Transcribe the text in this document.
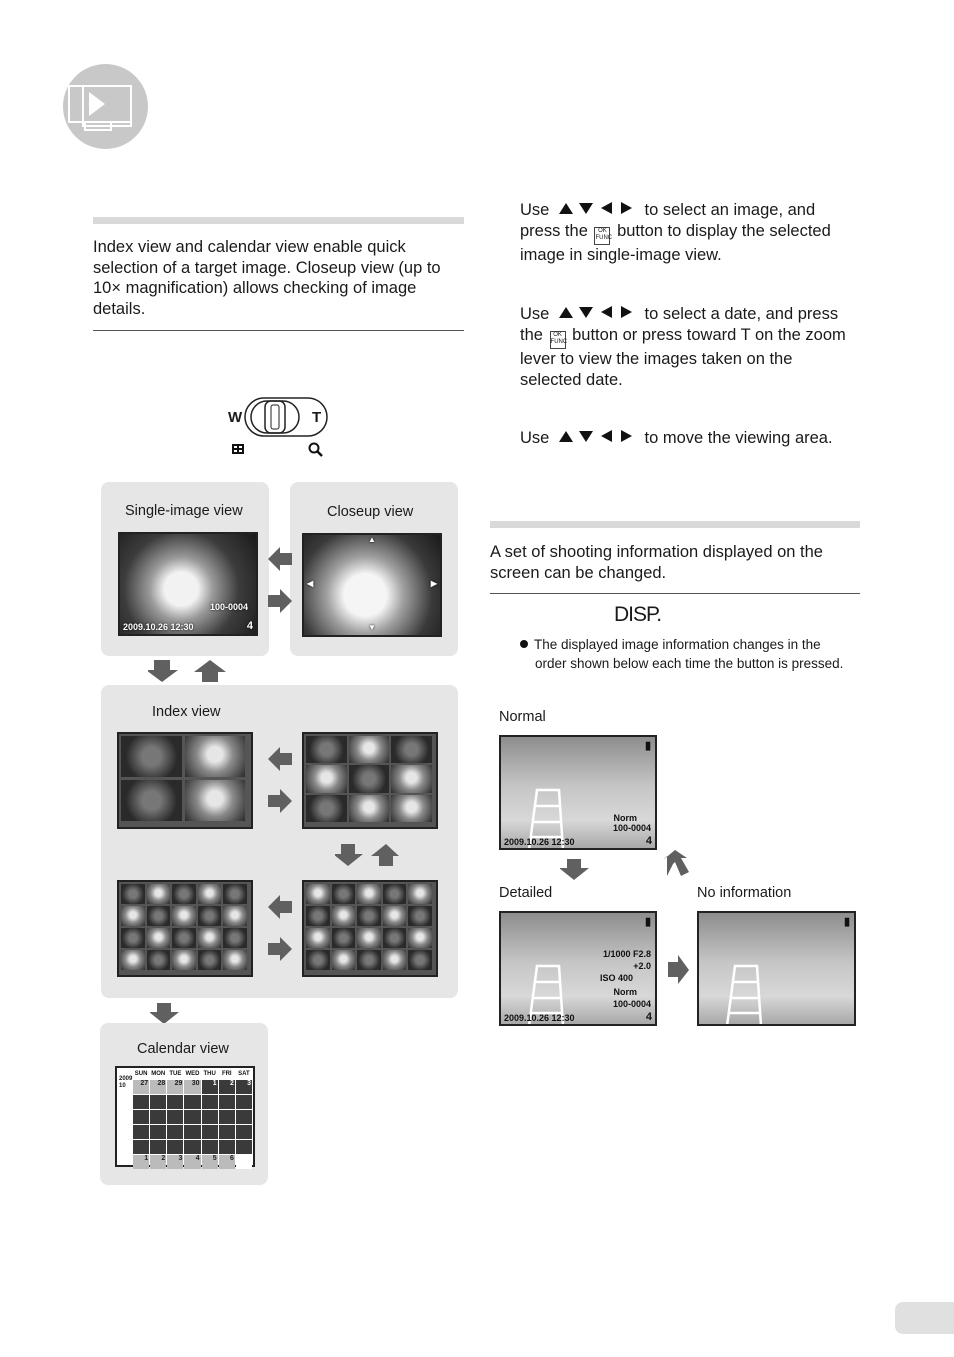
Index view and calendar view enable quick selection of a target image. Closeup view (up to 10× magnification) allows checking of image details.
W	T
Single-image view
100-0004
2009.10.26 12:30	4
Closeup view
▲
▼
◀	▶
Index view
Calendar view
2009
10
SUN MON TUE WED THU	FRI	SAT
27	28	29	30	1	2	3
1	2	3	4	5	6
Use	to select an image, and press the OK
FUNC button to display the selected image in single-image view.
Use	to select a date, and press the OK
FUNC button or press toward T on the zoom lever to view the images taken on the selected date.
Use	to move the viewing area.
A set of shooting information displayed on the screen can be changed.
DISP.
The displayed image information changes in the order shown below each time the button is pressed.
Normal
▮
Norm
100-0004
2009.10.26 12:30	4
Detailed
▮
1/1000 F2.8
+2.0
ISO 400
Norm
100-0004
2009.10.26 12:30	4
No information
▮
